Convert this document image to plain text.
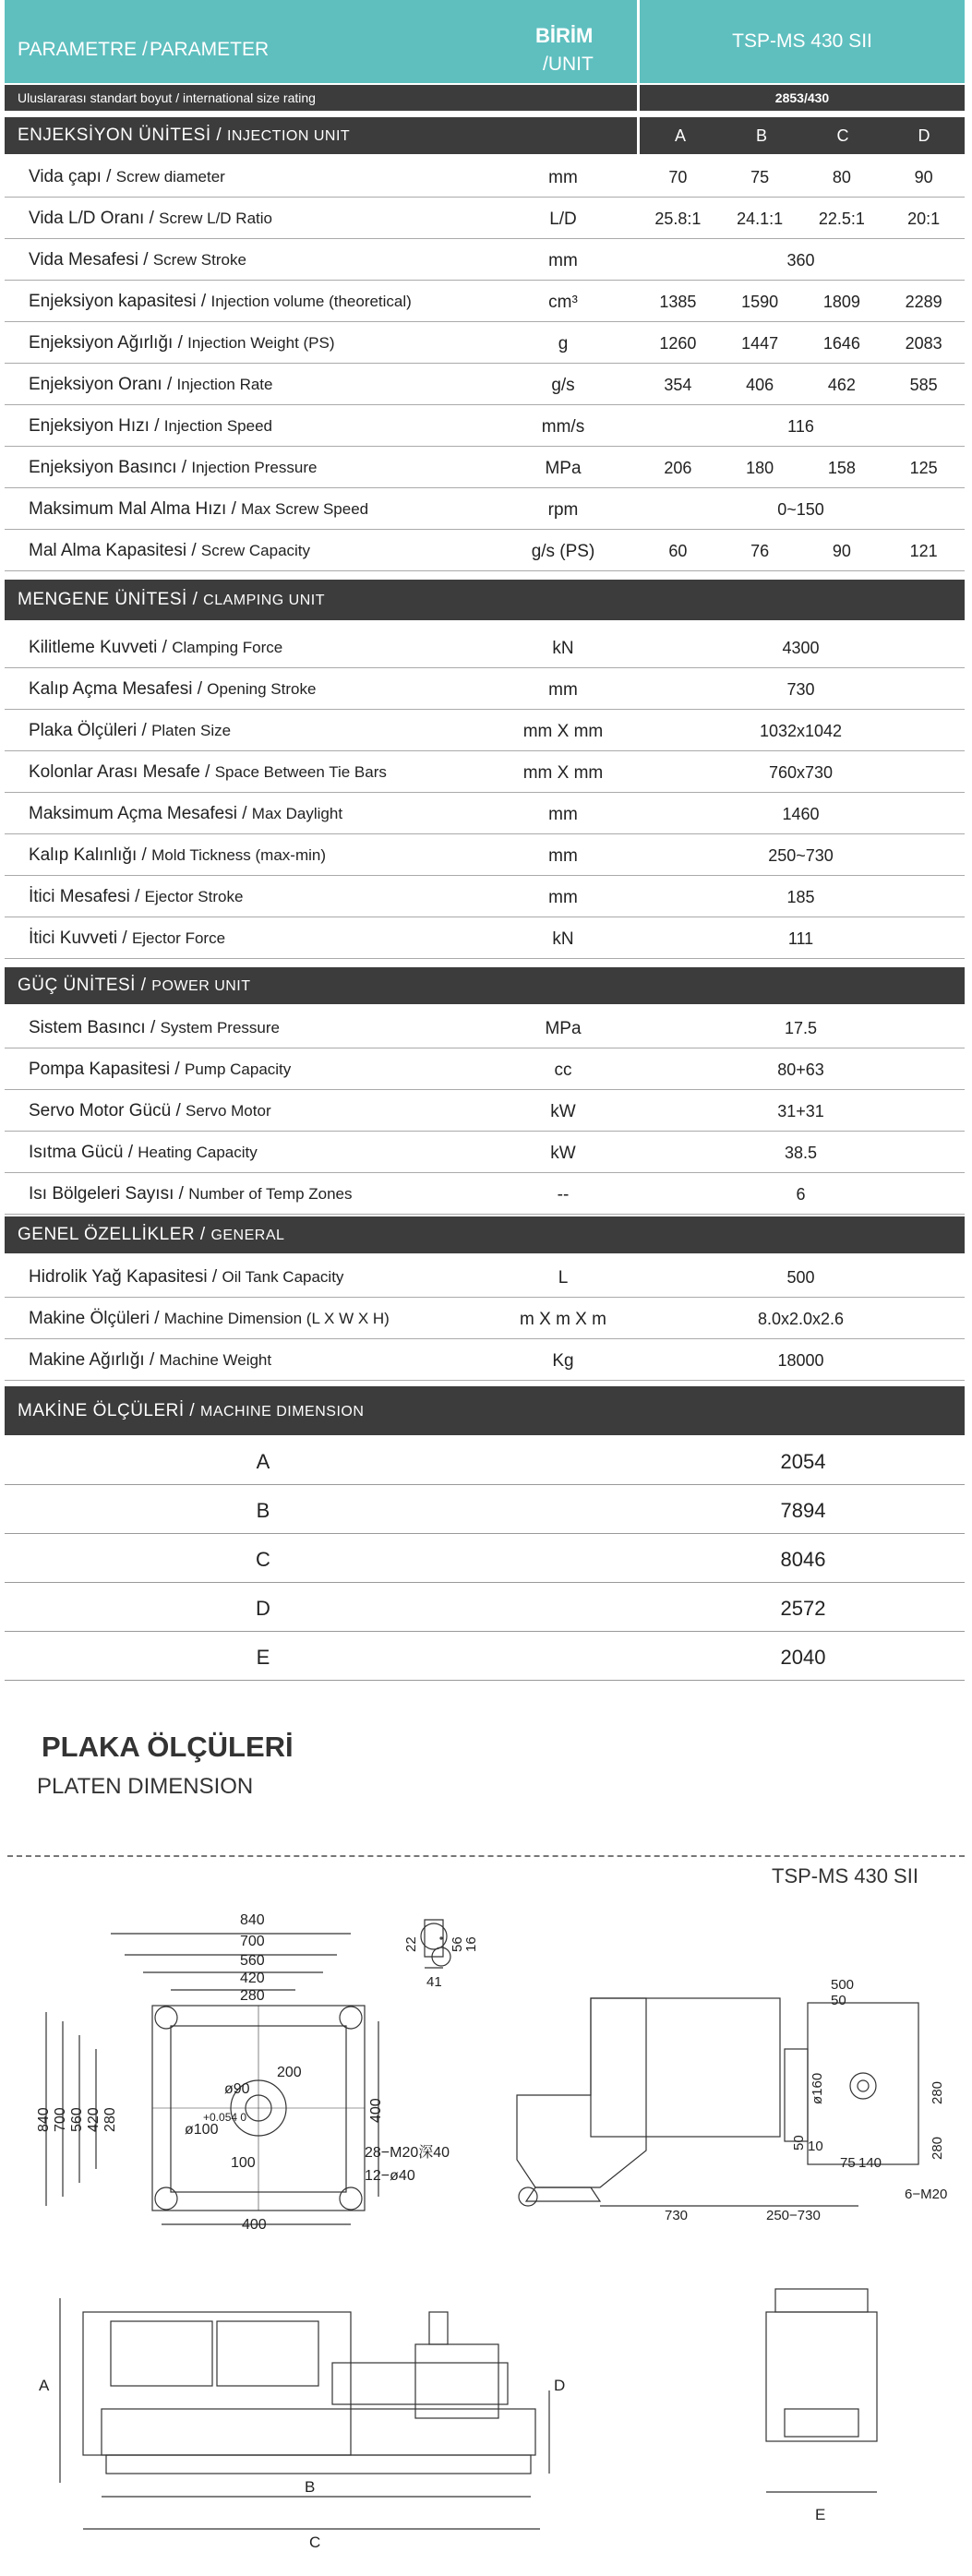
PARAMETRE / PARAMETER
BİRİM
/UNIT
TSP-MS 430 SII
Uluslararası standart boyut / international size rating	2853/430
ENJEKSİYON ÜNİTESİ / INJECTION UNIT	A	B	C	D
Vida çapı / Screw diameter	mm	70	75	80	90
Vida L/D Oranı / Screw L/D Ratio	L/D	25.8:1	24.1:1	22.5:1	20:1
Vida Mesafesi / Screw Stroke	mm	360
Enjeksiyon kapasitesi / Injection volume (theoretical)	cm³	1385	1590	1809	2289
Enjeksiyon Ağırlığı / Injection Weight (PS)	g	1260	1447	1646	2083
Enjeksiyon Oranı / Injection Rate	g/s	354	406	462	585
Enjeksiyon Hızı / Injection Speed	mm/s	116
Enjeksiyon Basıncı / Injection Pressure	MPa	206	180	158	125
Maksimum Mal Alma Hızı / Max Screw Speed	rpm	0~150
Mal Alma Kapasitesi / Screw Capacity	g/s (PS)	60	76	90	121
MENGENE ÜNİTESİ / CLAMPING UNIT
Kilitleme Kuvveti / Clamping Force	kN	4300
Kalıp Açma Mesafesi / Opening Stroke	mm	730
Plaka Ölçüleri / Platen Size	mm X mm	1032x1042
Kolonlar Arası Mesafe / Space Between Tie Bars	mm X mm	760x730
Maksimum Açma Mesafesi / Max Daylight	mm	1460
Kalıp Kalınlığı / Mold Tickness (max-min)	mm	250~730
İtici Mesafesi / Ejector Stroke	mm	185
İtici Kuvveti / Ejector Force	kN	111
GÜÇ ÜNİTESİ / POWER UNIT
Sistem Basıncı / System Pressure	MPa	17.5
Pompa Kapasitesi / Pump Capacity	cc	80+63
Servo Motor Gücü / Servo Motor	kW	31+31
Isıtma Gücü / Heating Capacity	kW	38.5
Isı Bölgeleri Sayısı / Number of Temp Zones	--	6
GENEL ÖZELLİKLER / GENERAL
Hidrolik Yağ Kapasitesi / Oil Tank Capacity	L	500
Makine Ölçüleri / Machine Dimension (L X W X H)	m X m X m	8.0x2.0x2.6
Makine Ağırlığı / Machine Weight	Kg	18000
MAKİNE ÖLÇÜLERİ / MACHINE DIMENSION
A	2054
B	7894
C	8046
D	2572
E	2040
PLAKA ÖLÇÜLERİ
PLATEN DIMENSION
TSP-MS 430 SII
840
700
560
420
280
400
200
ø90
ø100
+0.054 0
100
28−M20深40
12−ø40
840 700 560 420 280	400
22 56
16
41	500
50
730	250−730
ø160
50 10
280
280
75 140
6−M20
A
B
C
D
E
